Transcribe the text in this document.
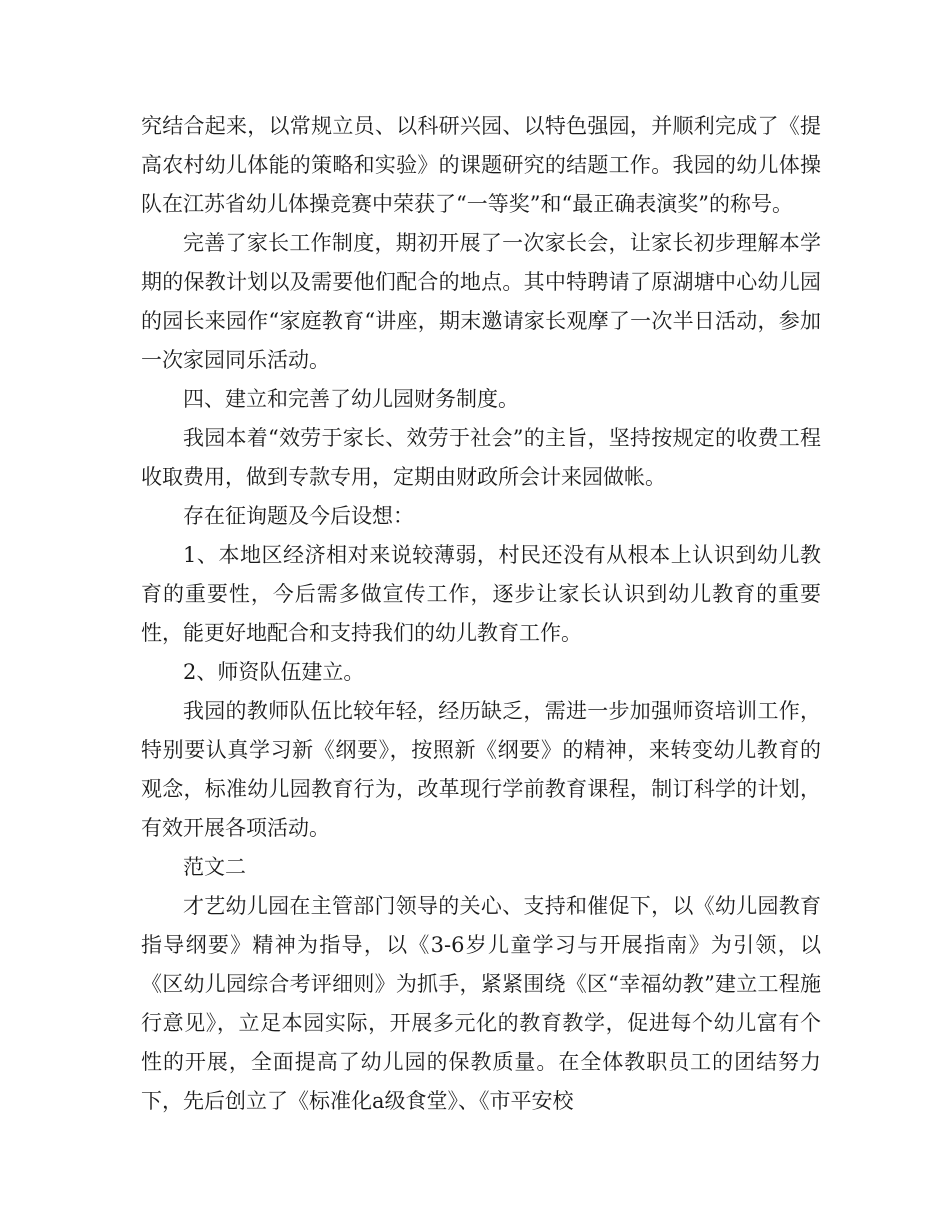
究结合起来，以常规立员、以科研兴园、以特色强园，并顺利完成了《提高农村幼儿体能的策略和实验》的课题研究的结题工作。我园的幼儿体操队在江苏省幼儿体操竞赛中荣获了“一等奖”和“最正确表演奖”的称号。

完善了家长工作制度，期初开展了一次家长会，让家长初步理解本学期的保教计划以及需要他们配合的地点。其中特聘请了原湖塘中心幼儿园的园长来园作“家庭教育“讲座，期末邀请家长观摩了一次半日活动，参加一次家园同乐活动。

四、建立和完善了幼儿园财务制度。

我园本着“效劳于家长、效劳于社会”的主旨，坚持按规定的收费工程收取费用，做到专款专用，定期由财政所会计来园做帐。

存在征询题及今后设想：

1、本地区经济相对来说较薄弱，村民还没有从根本上认识到幼儿教育的重要性，今后需多做宣传工作，逐步让家长认识到幼儿教育的重要性，能更好地配合和支持我们的幼儿教育工作。

2、师资队伍建立。

我园的教师队伍比较年轻，经历缺乏，需进一步加强师资培训工作，特别要认真学习新《纲要》，按照新《纲要》的精神，来转变幼儿教育的观念，标准幼儿园教育行为，改革现行学前教育课程，制订科学的计划，有效开展各项活动。

范文二

才艺幼儿园在主管部门领导的关心、支持和催促下，以《幼儿园教育指导纲要》精神为指导，以《3-6岁儿童学习与开展指南》为引领，以《区幼儿园综合考评细则》为抓手，紧紧围绕《区“幸福幼教”建立工程施行意见》，立足本园实际，开展多元化的教育教学，促进每个幼儿富有个性的开展，全面提高了幼儿园的保教质量。在全体教职员工的团结努力下，先后创立了《标准化a级食堂》、《市平安校
